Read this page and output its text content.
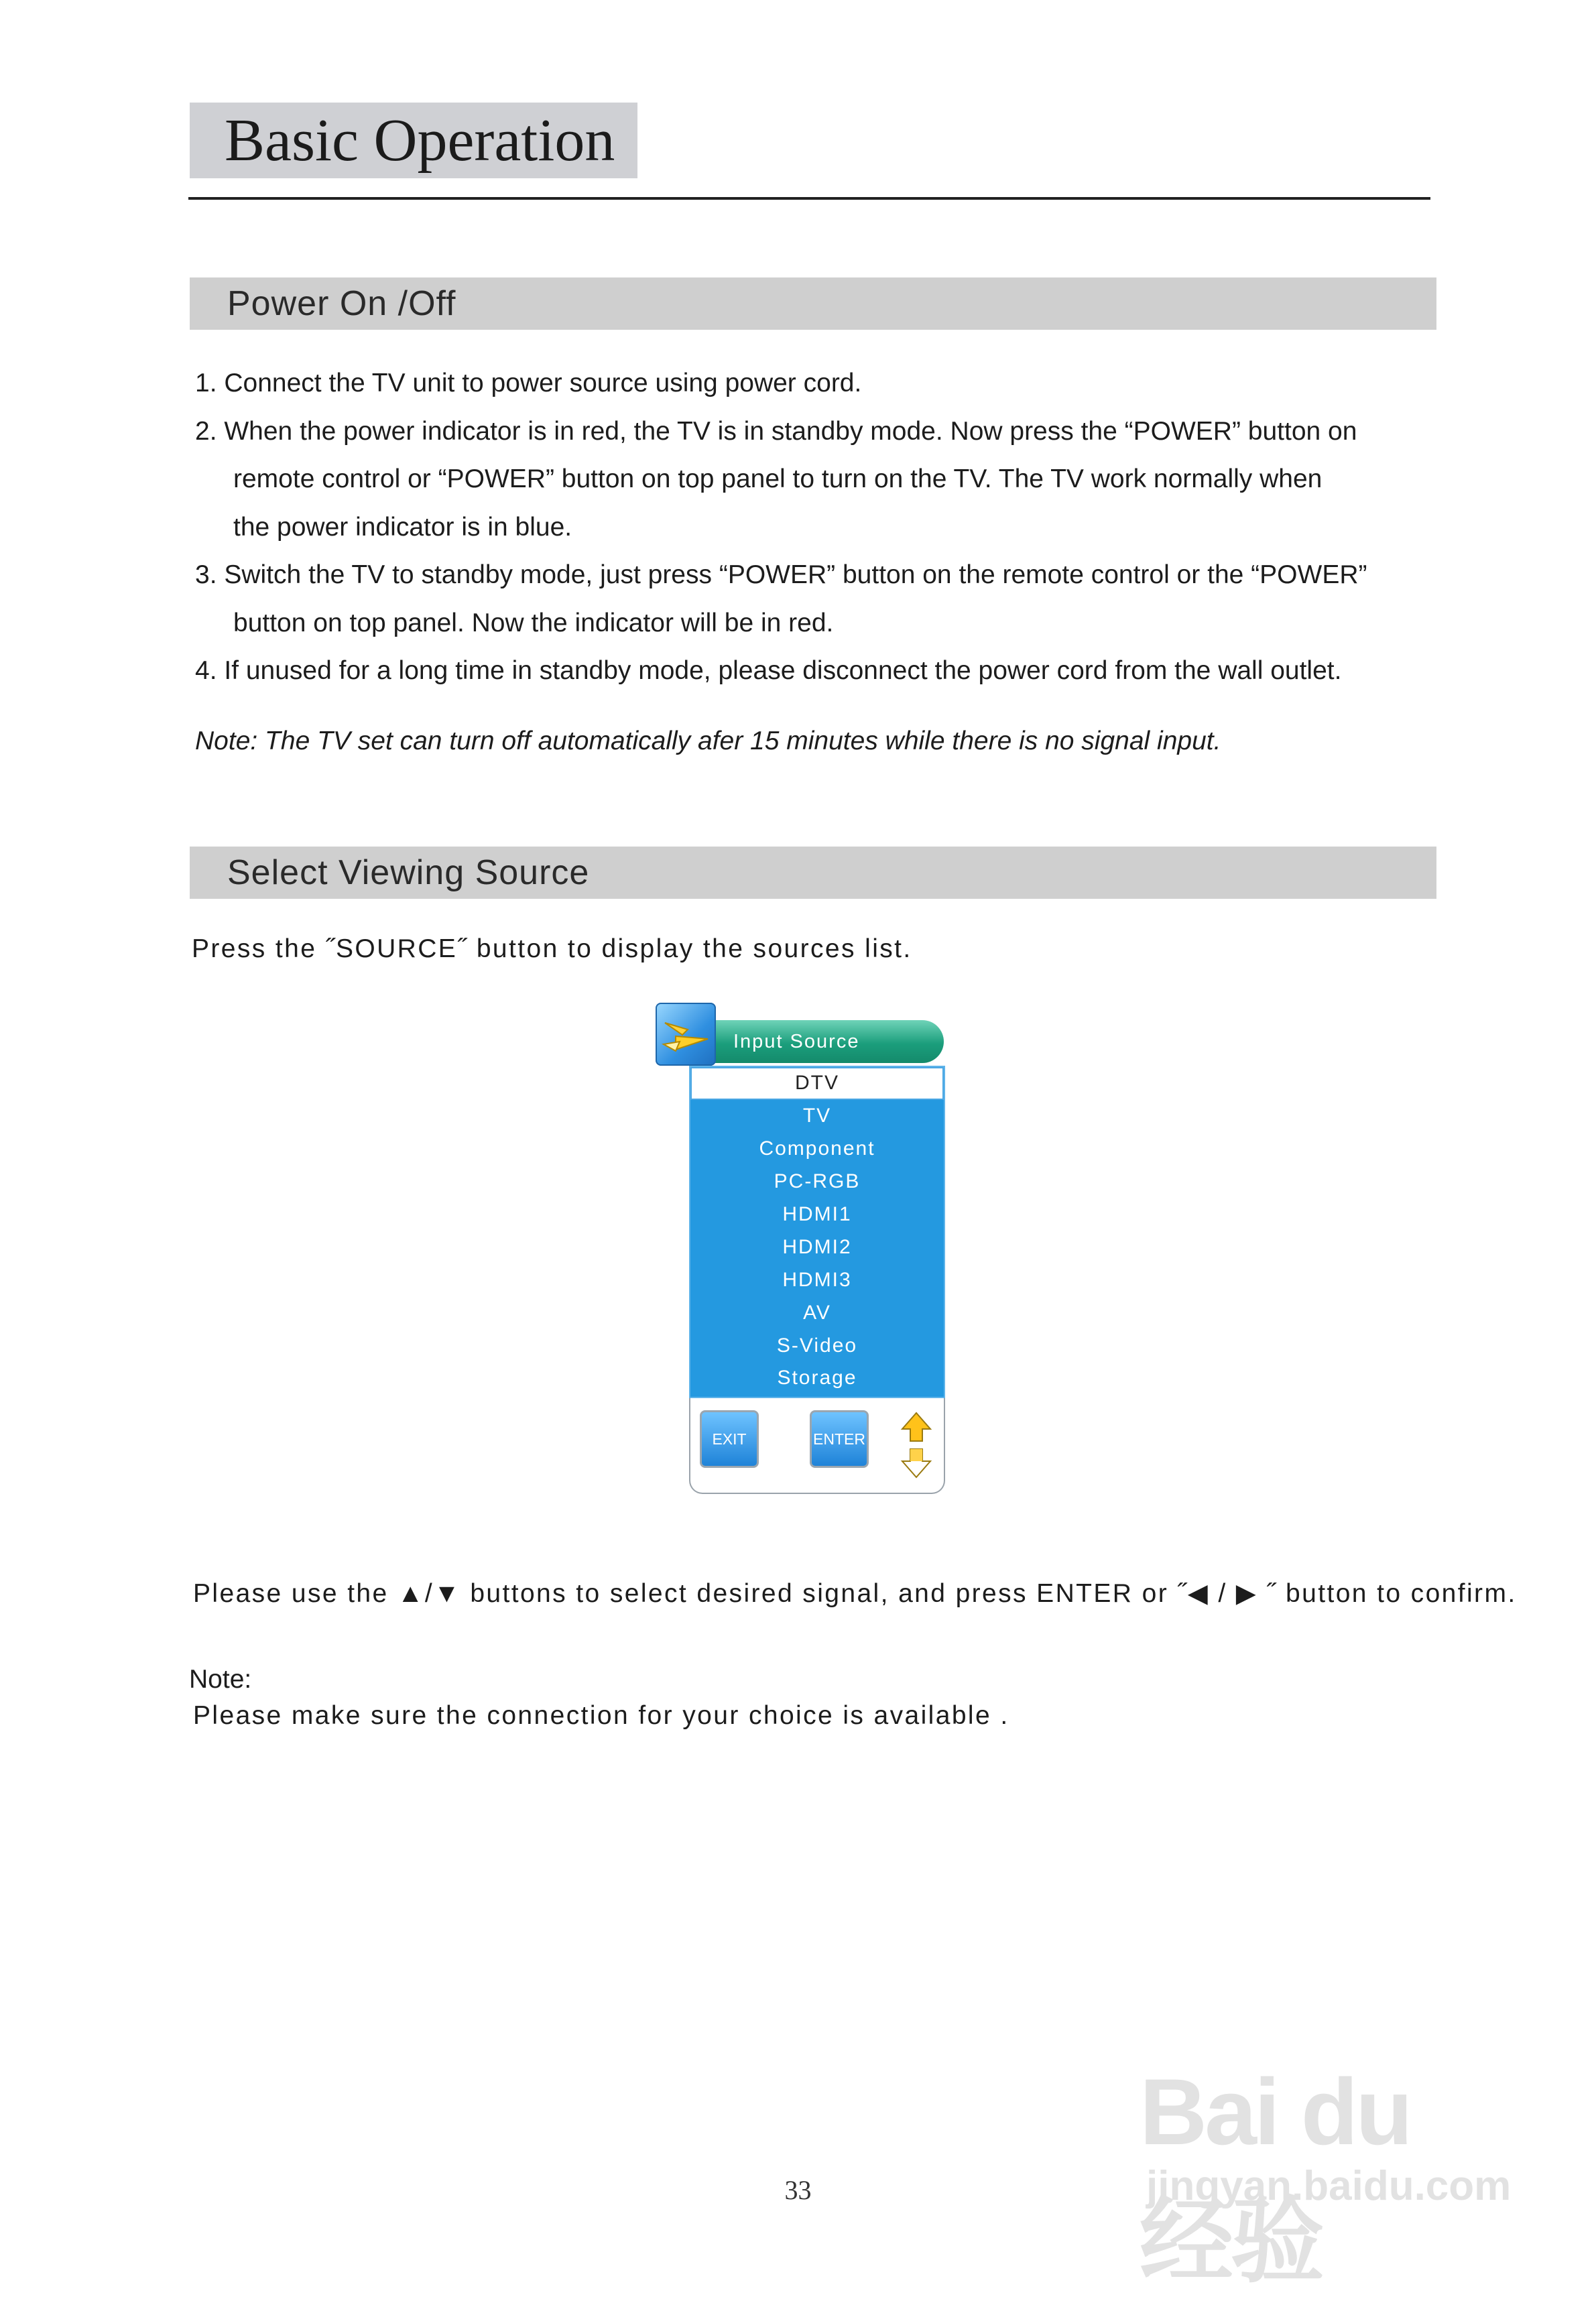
Basic Operation
Power On /Off
1. Connect the TV unit to power source using power cord.
2. When the power indicator is in red, the TV is in standby mode. Now press the “POWER” button on
remote control or “POWER” button on top panel to turn on the TV. The TV work normally when
the power indicator is in blue.
3. Switch the TV to standby mode, just press “POWER” button on the remote control or the “POWER”
button on top panel. Now the indicator will be in red.
4. If unused for a long time in standby mode, please disconnect the power cord from the wall outlet.
Note: The TV set can turn off automatically afer 15 minutes while there is no signal input.
Select Viewing Source
Press the ˝SOURCE˝ button to display the sources list.
Input Source
DTV
TV
Component
PC-RGB
HDMI1
HDMI2
HDMI3
AV
S-Video
Storage
EXIT	ENTER
Please use the ▲/▼ buttons to select desired signal, and press ENTER or ˝◀ / ▶ ˝ button to confirm.
Note:
Please make sure the connection for your choice is available .
33
Bai du 经验
jingyan.baidu.com
